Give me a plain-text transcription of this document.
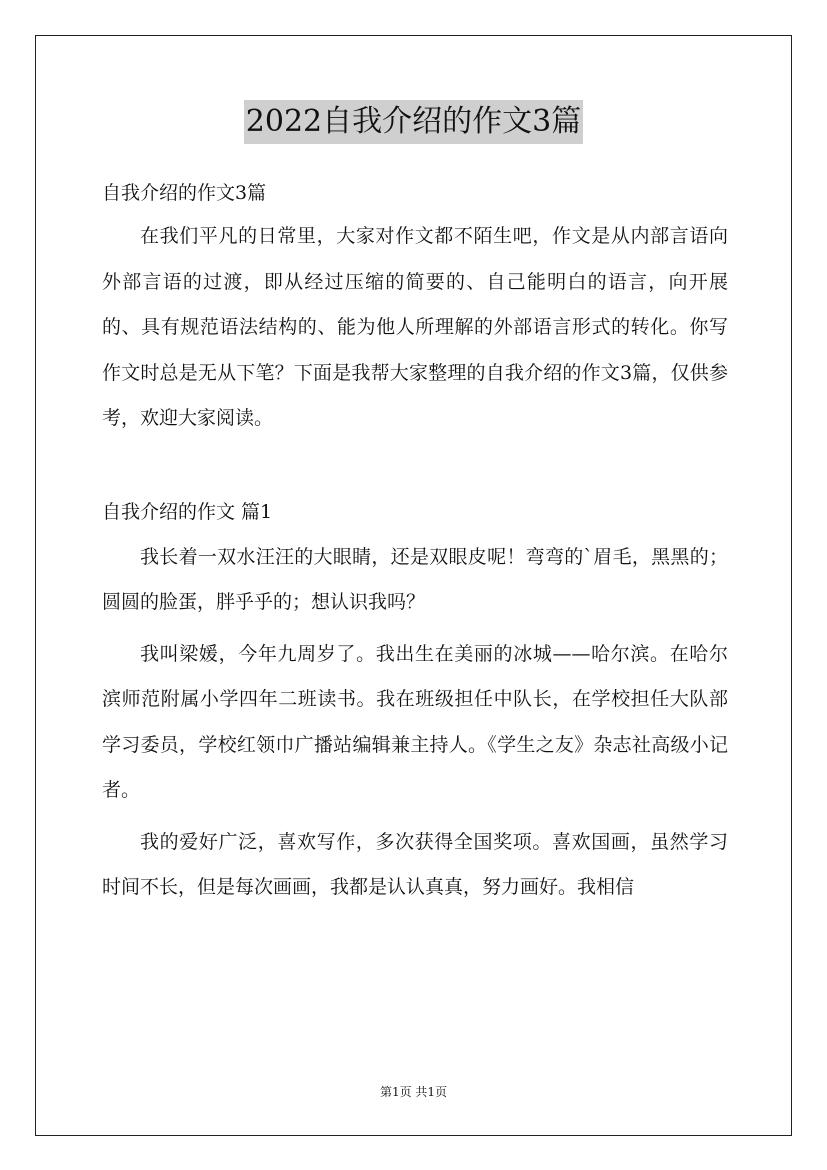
2022自我介绍的作文3篇
自我介绍的作文3篇

在我们平凡的日常里，大家对作文都不陌生吧，作文是从内部言语向外部言语的过渡，即从经过压缩的简要的、自己能明白的语言，向开展的、具有规范语法结构的、能为他人所理解的外部语言形式的转化。你写作文时总是无从下笔？下面是我帮大家整理的自我介绍的作文3篇，仅供参考，欢迎大家阅读。

自我介绍的作文 篇1

我长着一双水汪汪的大眼睛，还是双眼皮呢！弯弯的`眉毛，黑黑的；圆圆的脸蛋，胖乎乎的；想认识我吗？

我叫梁媛，今年九周岁了。我出生在美丽的冰城——哈尔滨。在哈尔滨师范附属小学四年二班读书。我在班级担任中队长，在学校担任大队部学习委员，学校红领巾广播站编辑兼主持人。《学生之友》杂志社高级小记者。

我的爱好广泛，喜欢写作，多次获得全国奖项。喜欢国画，虽然学习时间不长，但是每次画画，我都是认认真真，努力画好。我相信

第1页 共1页
